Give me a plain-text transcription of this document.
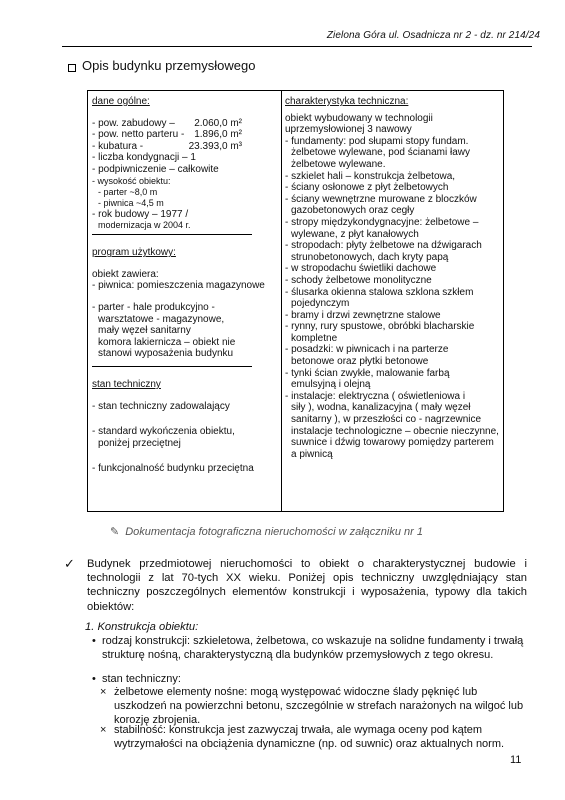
Zielona Góra ul. Osadnicza nr 2 - dz. nr 214/24
Opis budynku przemysłowego
dane ogólne:
- pow. zabudowy – 2.060,0 m²
- pow. netto parteru - 1.896,0 m²
- kubatura -	23.393,0 m³
- liczba kondygnacji – 1
- podpiwniczenie – całkowite
- wysokość obiektu:
- parter ~8,0 m
- piwnica ~4,5 m
- rok budowy – 1977 /
modernizacja w 2004 r.
program użytkowy:
obiekt zawiera:
- piwnica: pomieszczenia magazynowe
- parter - hale produkcyjno -
warsztatowe - magazynowe,
mały węzeł sanitarny
komora lakiernicza – obiekt nie
stanowi wyposażenia budynku
stan techniczny
- stan techniczny zadowalający
- standard wykończenia obiektu,
poniżej przeciętnej
- funkcjonalność budynku przeciętna
charakterystyka techniczna:
obiekt wybudowany w technologii
uprzemysłowionej 3 nawowy
- fundamenty: pod słupami stopy fundam.
żelbetowe wylewane, pod ścianami ławy
żelbetowe wylewane.
- szkielet hali – konstrukcja żelbetowa,
- ściany osłonowe z płyt żelbetowych
- ściany wewnętrzne murowane z bloczków
gazobetonowych oraz cegły
- stropy międzykondygnacyjne: żelbetowe –
wylewane, z płyt kanałowych
- stropodach: płyty żelbetowe na dźwigarach
strunobetonowych, dach kryty papą
- w stropodachu świetliki dachowe
- schody żelbetowe monolityczne
- ślusarka okienna stalowa szklona szkłem
pojedynczym
- bramy i drzwi zewnętrzne stalowe
- rynny, rury spustowe, obróbki blacharskie
kompletne
- posadzki: w piwnicach i na parterze
betonowe oraz płytki betonowe
- tynki ścian zwykłe, malowanie farbą
emulsyjną i olejną
- instalacje: elektryczna ( oświetleniowa i
siły ), wodna, kanalizacyjna ( mały węzeł
sanitarny ), w przeszłości co - nagrzewnice
instalacje technologiczne – obecnie nieczynne,
suwnice i dźwig towarowy pomiędzy parterem
a piwnicą
✎ Dokumentacja fotograficzna nieruchomości w załączniku nr 1
✓ Budynek przedmiotowej nieruchomości to obiekt o charakterystycznej budowie i technologii z lat 70-tych XX wieku. Poniżej opis techniczny uwzględniający stan techniczny poszczególnych elementów konstrukcji i wyposażenia, typowy dla takich obiektów:
1. Konstrukcja obiektu:
• rodzaj konstrukcji: szkieletowa, żelbetowa, co wskazuje na solidne fundamenty i trwałą strukturę nośną, charakterystyczną dla budynków przemysłowych z tego okresu.
• stan techniczny:
× żelbetowe elementy nośne: mogą występować widoczne ślady pęknięć lub uszkodzeń na powierzchni betonu, szczególnie w strefach narażonych na wilgoć lub korozję zbrojenia.
× stabilność: konstrukcja jest zazwyczaj trwała, ale wymaga oceny pod kątem wytrzymałości na obciążenia dynamiczne (np. od suwnic) oraz aktualnych norm.
11
